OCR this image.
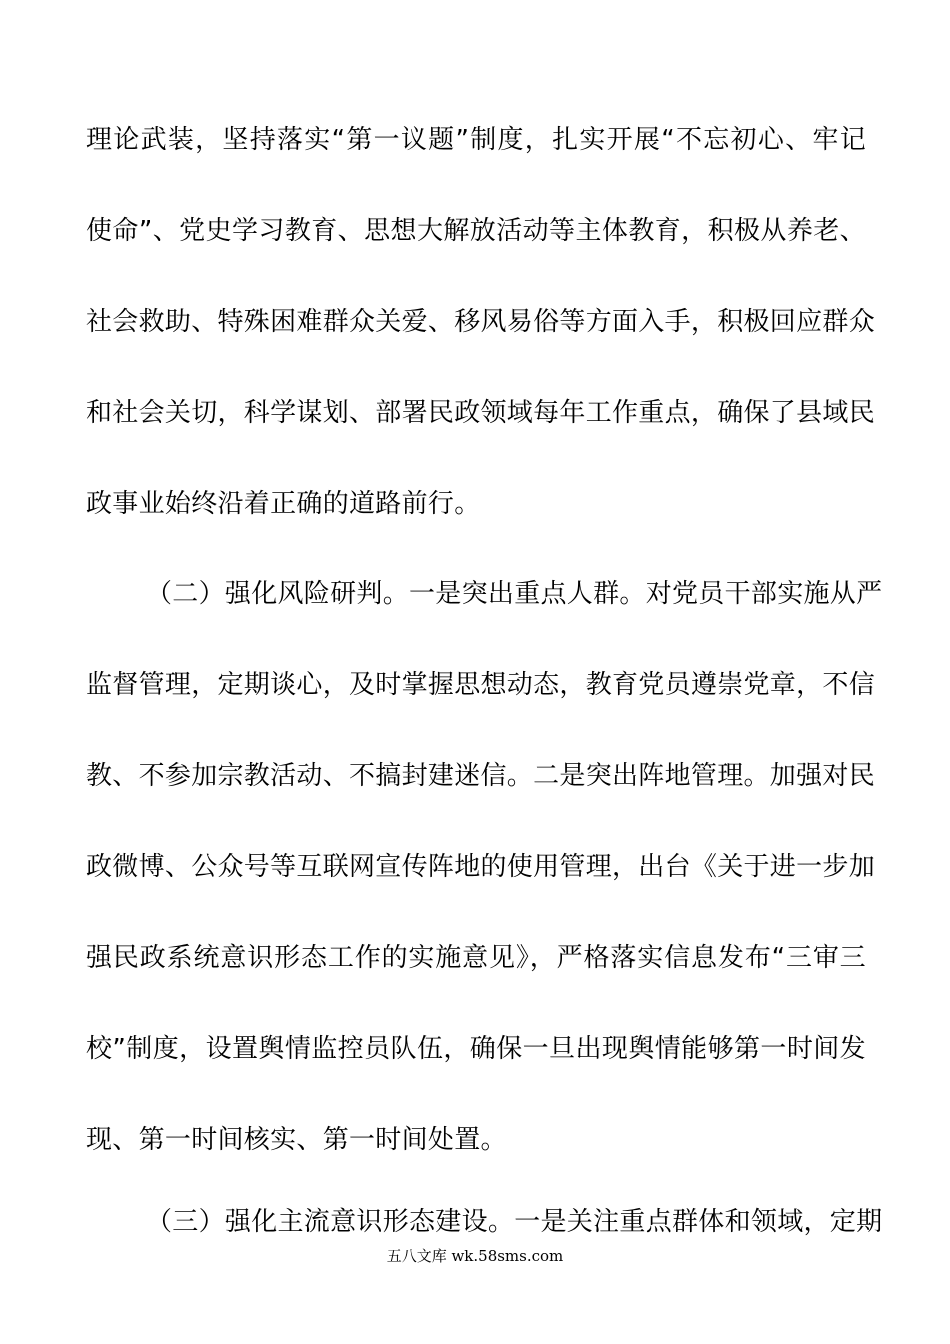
理论武装，坚持落实“第一议题”制度，扎实开展“不忘初心、牢记
使命”、党史学习教育、思想大解放活动等主体教育，积极从养老、
社会救助、特殊困难群众关爱、移风易俗等方面入手，积极回应群众
和社会关切，科学谋划、部署民政领域每年工作重点，确保了县域民
政事业始终沿着正确的道路前行。
（二）强化风险研判。一是突出重点人群。对党员干部实施从严
监督管理，定期谈心，及时掌握思想动态，教育党员遵崇党章，不信
教、不参加宗教活动、不搞封建迷信。二是突出阵地管理。加强对民
政微博、公众号等互联网宣传阵地的使用管理，出台《关于进一步加
强民政系统意识形态工作的实施意见》，严格落实信息发布“三审三
校”制度，设置舆情监控员队伍，确保一旦出现舆情能够第一时间发
现、第一时间核实、第一时间处置。
（三）强化主流意识形态建设。一是关注重点群体和领域，定期
五八文库 wk.58sms.com
